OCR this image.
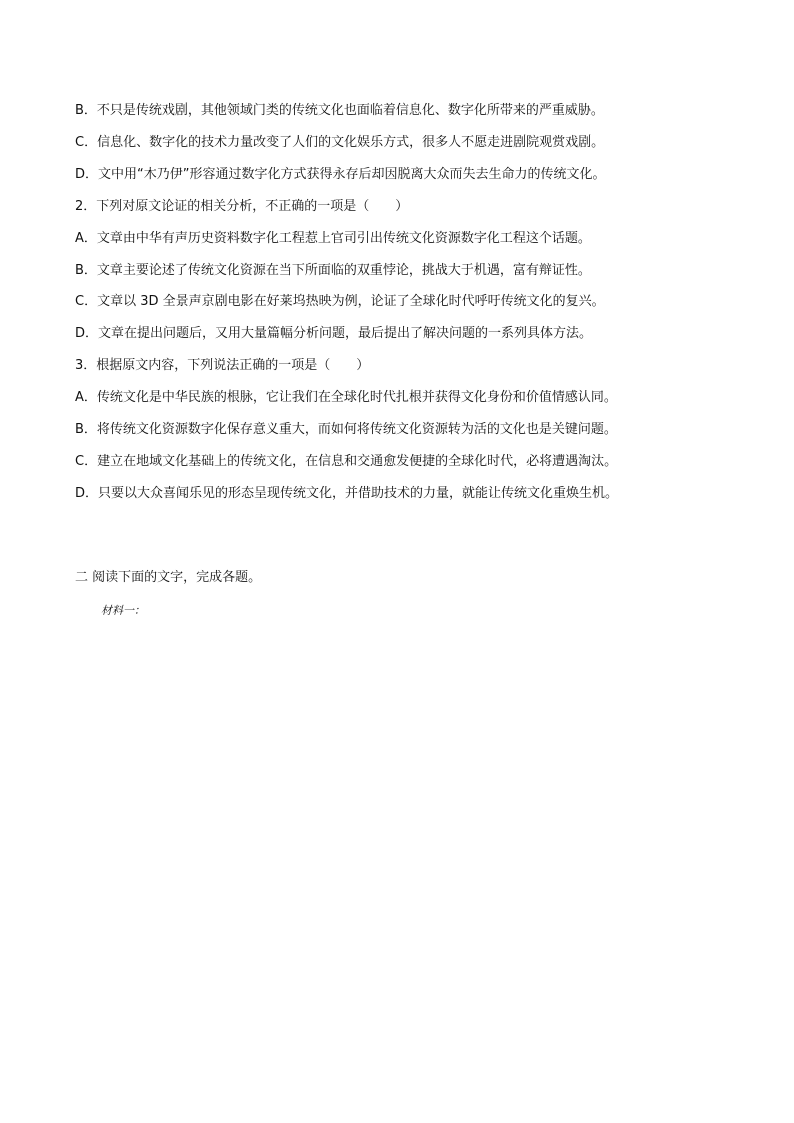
B．不只是传统戏剧，其他领域门类的传统文化也面临着信息化、数字化所带来的严重威胁。
C．信息化、数字化的技术力量改变了人们的文化娱乐方式，很多人不愿走进剧院观赏戏剧。
D．文中用“木乃伊”形容通过数字化方式获得永存后却因脱离大众而失去生命力的传统文化。
2．下列对原文论证的相关分析，不正确的一项是（　　）
A．文章由中华有声历史资料数字化工程惹上官司引出传统文化资源数字化工程这个话题。
B．文章主要论述了传统文化资源在当下所面临的双重悖论，挑战大于机遇，富有辩证性。
C．文章以 3D 全景声京剧电影在好莱坞热映为例，论证了全球化时代呼吁传统文化的复兴。
D．文章在提出问题后，又用大量篇幅分析问题，最后提出了解决问题的一系列具体方法。
3．根据原文内容，下列说法正确的一项是（　　）
A．传统文化是中华民族的根脉，它让我们在全球化时代扎根并获得文化身份和价值情感认同。
B．将传统文化资源数字化保存意义重大，而如何将传统文化资源转为活的文化也是关键问题。
C．建立在地域文化基础上的传统文化，在信息和交通愈发便捷的全球化时代，必将遭遇淘汰。
D．只要以大众喜闻乐见的形态呈现传统文化，并借助技术的力量，就能让传统文化重焕生机。
二 阅读下面的文字，完成各题。
材料一：
